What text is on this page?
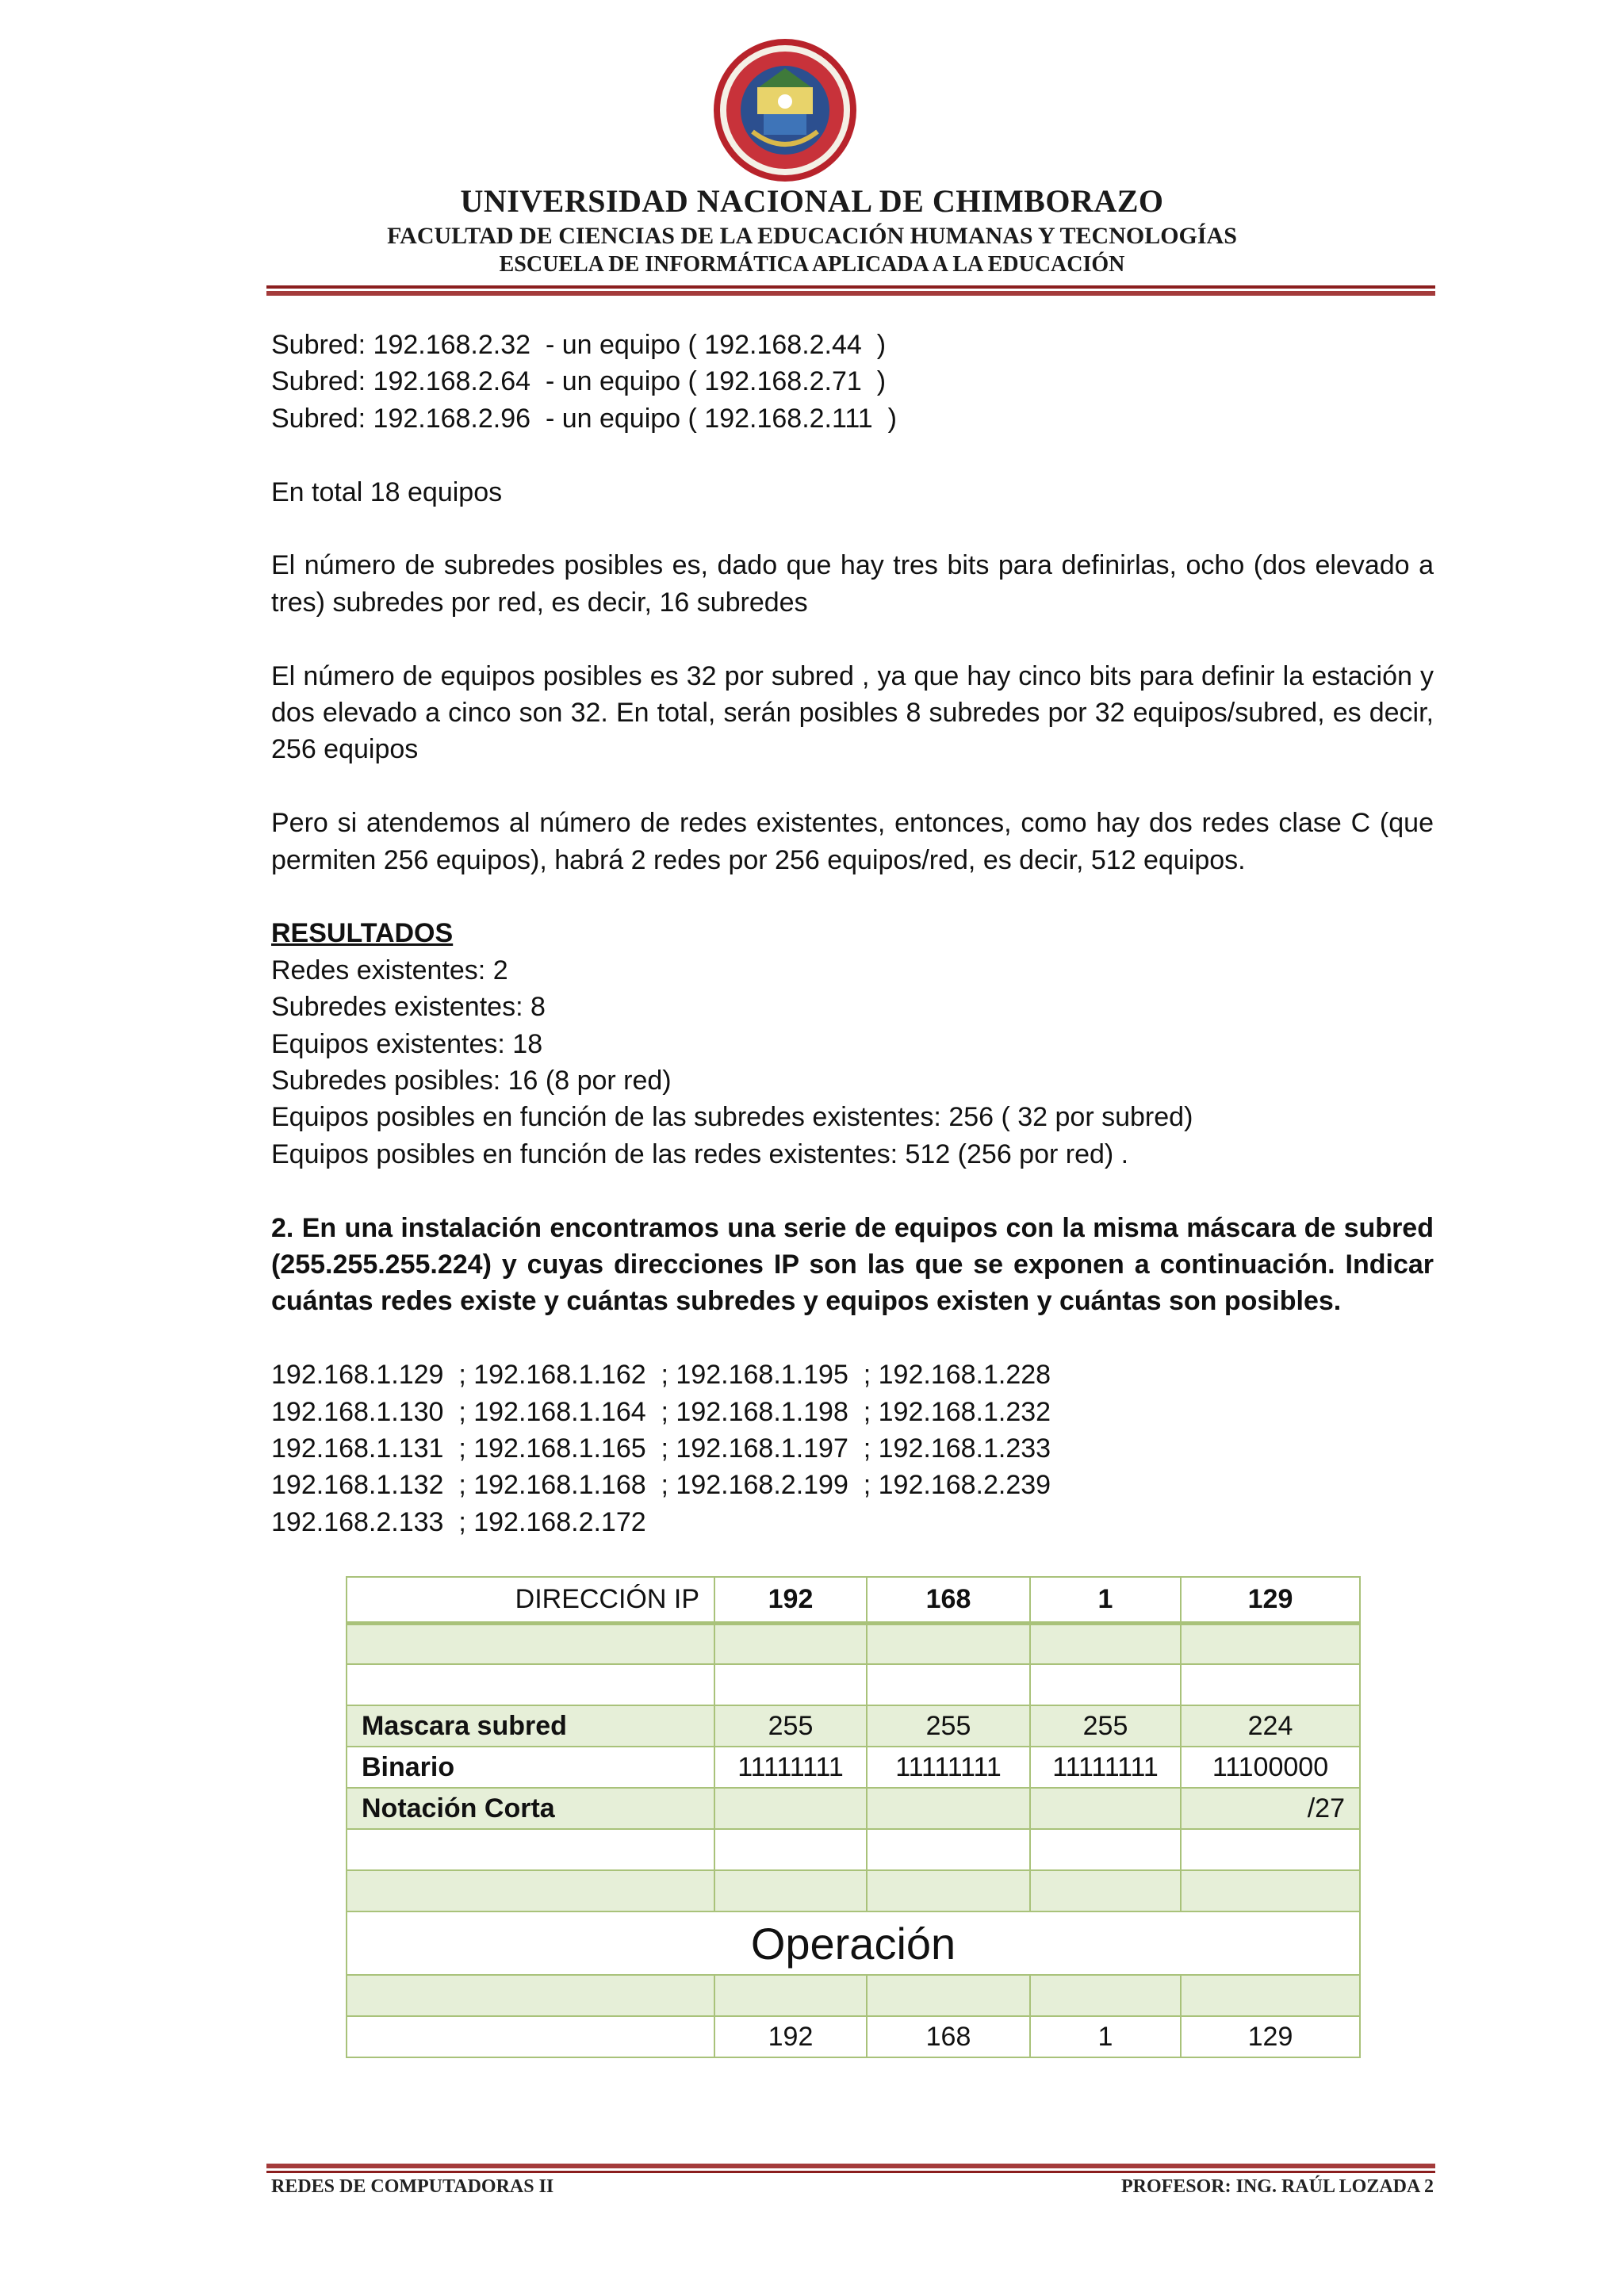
UNIVERSIDAD NACIONAL DE CHIMBORAZO
FACULTAD DE CIENCIAS DE LA EDUCACIÓN HUMANAS Y TECNOLOGÍAS
ESCUELA DE INFORMÁTICA APLICADA A LA EDUCACIÓN
Subred: 192.168.2.32  - un equipo ( 192.168.2.44  )
Subred: 192.168.2.64  - un equipo ( 192.168.2.71  )
Subred: 192.168.2.96  - un equipo ( 192.168.2.111  )
En total 18 equipos
El número de subredes posibles es, dado que hay tres bits para definirlas, ocho (dos elevado a tres) subredes por red, es decir, 16 subredes
El número de equipos posibles es 32 por subred , ya que hay cinco bits para definir la estación y dos elevado a cinco son 32. En total, serán posibles 8 subredes por 32 equipos/subred, es decir, 256 equipos
Pero si atendemos al número de redes existentes, entonces, como hay dos redes clase C (que permiten 256 equipos), habrá 2 redes por 256 equipos/red, es decir, 512 equipos.
RESULTADOS
Redes existentes: 2
Subredes existentes: 8
Equipos existentes: 18
Subredes posibles: 16 (8 por red)
Equipos posibles en función de las subredes existentes: 256 ( 32 por subred)
Equipos posibles en función de las redes existentes: 512 (256 por red) .
2. En una instalación encontramos una serie de equipos con la misma máscara de subred (255.255.255.224) y cuyas direcciones IP son las que se exponen a continuación. Indicar cuántas redes existe y cuántas subredes y equipos existen y cuántas son posibles.
192.168.1.129  ; 192.168.1.162  ; 192.168.1.195  ; 192.168.1.228
192.168.1.130  ; 192.168.1.164  ; 192.168.1.198  ; 192.168.1.232
192.168.1.131  ; 192.168.1.165  ; 192.168.1.197  ; 192.168.1.233
192.168.1.132  ; 192.168.1.168  ; 192.168.2.199  ; 192.168.2.239
192.168.2.133  ; 192.168.2.172
DIRECCIÓN IP	192	168	1	129

Mascara subred	255	255	255	224
Binario	11111111	11111111	11111111	11100000
Notación Corta				/27

Operación				

	192	168	1	129
REDES DE COMPUTADORAS II	PROFESOR: ING. RAÚL LOZADA 2
